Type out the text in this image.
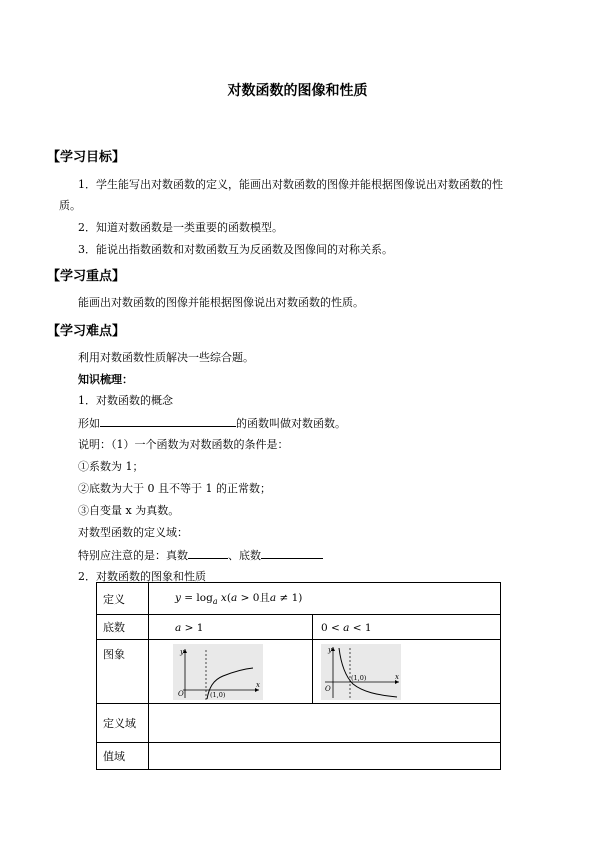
对数函数的图像和性质
【学习目标】
1．学生能写出对数函数的定义，能画出对数函数的图像并能根据图像说出对数函数的性
质。
2．知道对数函数是一类重要的函数模型。
3．能说出指数函数和对数函数互为反函数及图像间的对称关系。
【学习重点】
能画出对数函数的图像并能根据图像说出对数函数的性质。
【学习难点】
利用对数函数性质解决一些综合题。
知识梳理：
1．对数函数的概念
形如	的函数叫做对数函数。
说明：（1）一个函数为对数函数的条件是：
①系数为 1；
②底数为大于 0 且不等于 1 的正常数；
③自变量 x 为真数。
对数型函数的定义域：
特别应注意的是：真数	、底数
2．对数函数的图象和性质
定义	$y = \log_a x(a > 0$且a ≠ 1)	
底数	a > 1	0 < a < 1
图象	y
x
O (1,0)	y
x
O
(1,0)

定义域		
值域		
